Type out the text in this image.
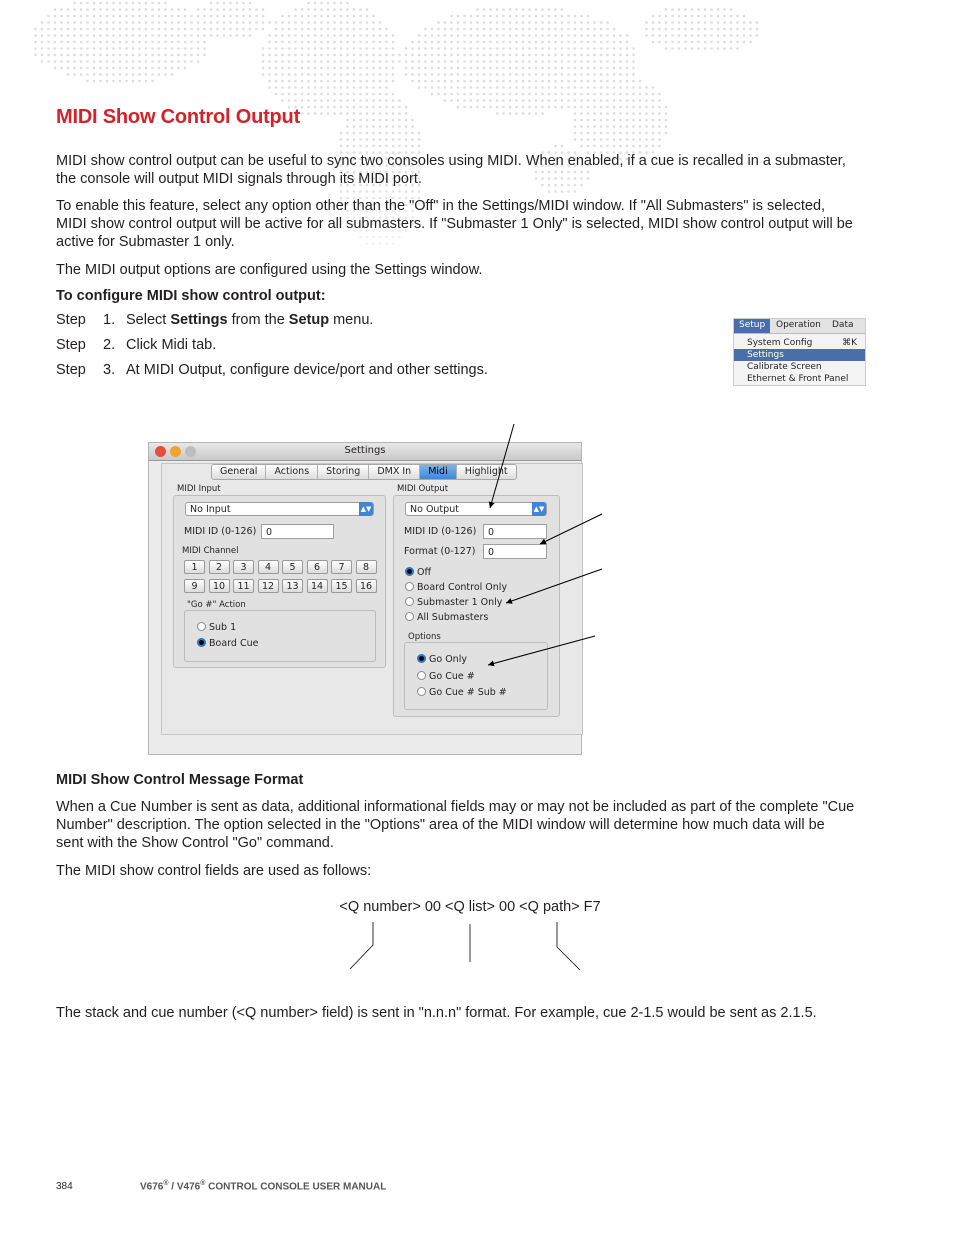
MIDI Show Control Output
MIDI show control output can be useful to sync two consoles using MIDI. When enabled, if a cue is recalled in a submaster, the console will output MIDI signals through its MIDI port.
To enable this feature, select any option other than the "Off" in the Settings/MIDI window. If "All Submasters" is selected, MIDI show control output will be active for all submasters. If "Submaster 1 Only" is selected, MIDI show control output will be active for Submaster 1 only.
The MIDI output options are configured using the Settings window.
To configure MIDI show control output:
Step 1. Select Settings from the Setup menu.
Step 2. Click Midi tab.
Step 3. At MIDI Output, configure device/port and other settings.
Setup	Operation Data
System Config	⌘K
Settings
Calibrate Screen
Ethernet & Front Panel
Settings
General	Actions	Storing	DMX In	Midi	Highlight
MIDI Input
No Input	▲▼
MIDI ID (0-126)	0
MIDI Channel
1	2	3	4	5	6	7	8
9	10	11	12	13	14	15	16
"Go #" Action
Sub 1
Board Cue
MIDI Output
No Output	▲▼
MIDI ID (0-126)	0
Format (0-127)	0
Off
Board Control Only
Submaster 1 Only
All Submasters
Options
Go Only
Go Cue #
Go Cue # Sub #
MIDI Show Control Message Format
When a Cue Number is sent as data, additional informational fields may or may not be included as part of the complete "Cue Number" description. The option selected in the "Options" area of the MIDI window will determine how much data will be sent with the Show Control "Go" command.
The MIDI show control fields are used as follows:
<Q number> 00 <Q list> 00 <Q path> F7
The stack and cue number (<Q number> field) is sent in "n.n.n" format. For example, cue 2-1.5 would be sent as 2.1.5.
384	V676® / V476® CONTROL CONSOLE USER MANUAL
